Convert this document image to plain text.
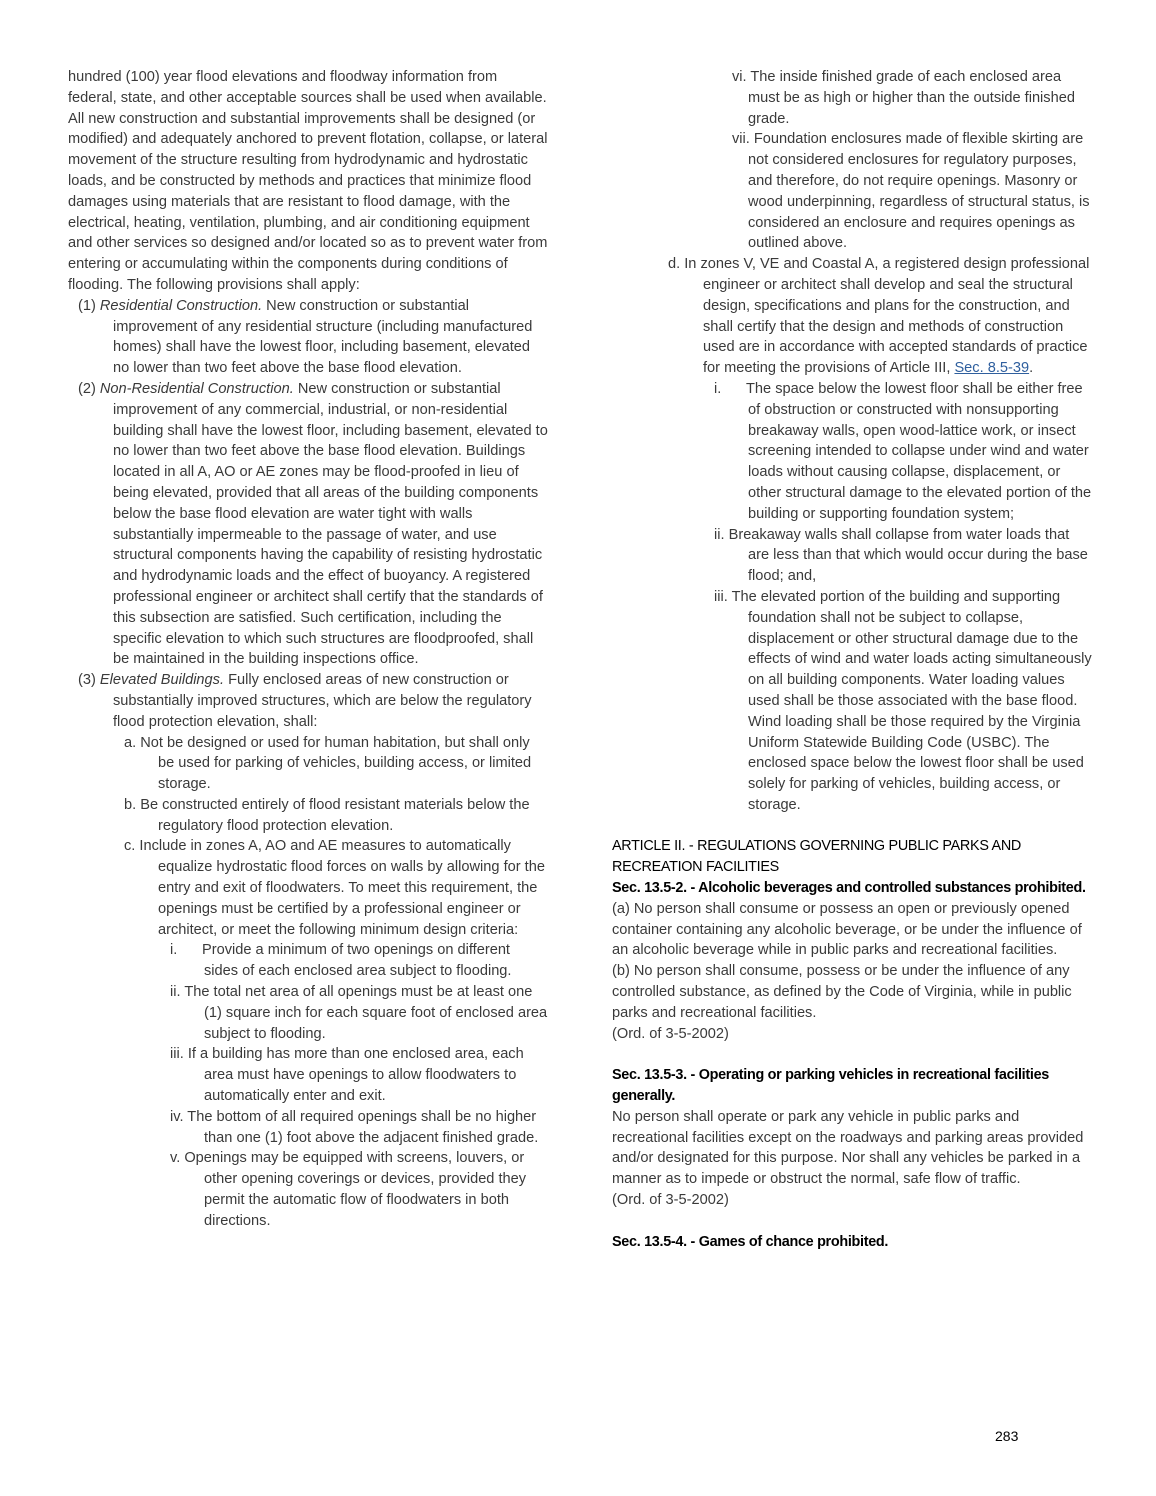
hundred (100) year flood elevations and floodway information from federal, state, and other acceptable sources shall be used when available. All new construction and substantial improvements shall be designed (or modified) and adequately anchored to prevent flotation, collapse, or lateral movement of the structure resulting from hydrodynamic and hydrostatic loads, and be constructed by methods and practices that minimize flood damages using materials that are resistant to flood damage, with the electrical, heating, ventilation, plumbing, and air conditioning equipment and other services so designed and/or located so as to prevent water from entering or accumulating within the components during conditions of flooding. The following provisions shall apply:

(1) Residential Construction. New construction or substantial improvement of any residential structure (including manufactured homes) shall have the lowest floor, including basement, elevated no lower than two feet above the base flood elevation.

(2) Non-Residential Construction. New construction or substantial improvement of any commercial, industrial, or non-residential building shall have the lowest floor, including basement, elevated to no lower than two feet above the base flood elevation. Buildings located in all A, AO or AE zones may be flood-proofed in lieu of being elevated, provided that all areas of the building components below the base flood elevation are water tight with walls substantially impermeable to the passage of water, and use structural components having the capability of resisting hydrostatic and hydrodynamic loads and the effect of buoyancy. A registered professional engineer or architect shall certify that the standards of this subsection are satisfied. Such certification, including the specific elevation to which such structures are floodproofed, shall be maintained in the building inspections office.

(3) Elevated Buildings. Fully enclosed areas of new construction or substantially improved structures, which are below the regulatory flood protection elevation, shall:

a. Not be designed or used for human habitation, but shall only be used for parking of vehicles, building access, or limited storage.

b. Be constructed entirely of flood resistant materials below the regulatory flood protection elevation.

c. Include in zones A, AO and AE measures to automatically equalize hydrostatic flood forces on walls by allowing for the entry and exit of floodwaters. To meet this requirement, the openings must be certified by a professional engineer or architect, or meet the following minimum design criteria:

i. Provide a minimum of two openings on different sides of each enclosed area subject to flooding.

ii. The total net area of all openings must be at least one (1) square inch for each square foot of enclosed area subject to flooding.

iii. If a building has more than one enclosed area, each area must have openings to allow floodwaters to automatically enter and exit.

iv. The bottom of all required openings shall be no higher than one (1) foot above the adjacent finished grade.

v. Openings may be equipped with screens, louvers, or other opening coverings or devices, provided they permit the automatic flow of floodwaters in both directions.

vi. The inside finished grade of each enclosed area must be as high or higher than the outside finished grade.

vii. Foundation enclosures made of flexible skirting are not considered enclosures for regulatory purposes, and therefore, do not require openings. Masonry or wood underpinning, regardless of structural status, is considered an enclosure and requires openings as outlined above.

d. In zones V, VE and Coastal A, a registered design professional engineer or architect shall develop and seal the structural design, specifications and plans for the construction, and shall certify that the design and methods of construction used are in accordance with accepted standards of practice for meeting the provisions of Article III, Sec. 8.5-39.

i. The space below the lowest floor shall be either free of obstruction or constructed with nonsupporting breakaway walls, open wood-lattice work, or insect screening intended to collapse under wind and water loads without causing collapse, displacement, or other structural damage to the elevated portion of the building or supporting foundation system;

ii. Breakaway walls shall collapse from water loads that are less than that which would occur during the base flood; and,

iii. The elevated portion of the building and supporting foundation shall not be subject to collapse, displacement or other structural damage due to the effects of wind and water loads acting simultaneously on all building components. Water loading values used shall be those associated with the base flood. Wind loading shall be those required by the Virginia Uniform Statewide Building Code (USBC). The enclosed space below the lowest floor shall be used solely for parking of vehicles, building access, or storage.

ARTICLE II. - REGULATIONS GOVERNING PUBLIC PARKS AND RECREATION FACILITIES

Sec. 13.5-2. - Alcoholic beverages and controlled substances prohibited.

(a) No person shall consume or possess an open or previously opened container containing any alcoholic beverage, or be under the influence of an alcoholic beverage while in public parks and recreational facilities.

(b) No person shall consume, possess or be under the influence of any controlled substance, as defined by the Code of Virginia, while in public parks and recreational facilities.

(Ord. of 3-5-2002)

Sec. 13.5-3. - Operating or parking vehicles in recreational facilities generally.

No person shall operate or park any vehicle in public parks and recreational facilities except on the roadways and parking areas provided and/or designated for this purpose. Nor shall any vehicles be parked in a manner as to impede or obstruct the normal, safe flow of traffic.

(Ord. of 3-5-2002)

Sec. 13.5-4. - Games of chance prohibited.

283
